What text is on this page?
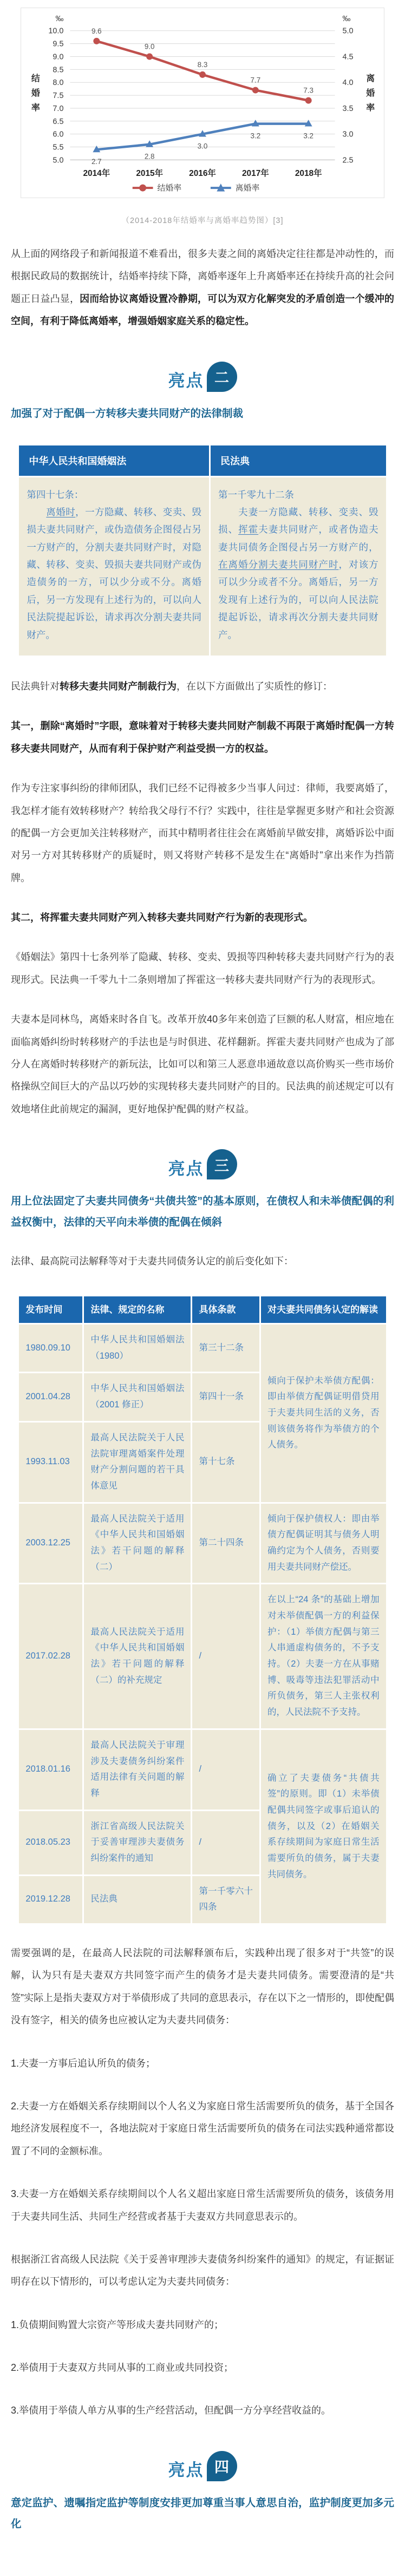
10.0
9.5
9.0
8.5
8.0
7.5
7.0
6.5
6.0
5.5
5.0
5.0
4.5
4.0
3.5
3.0
2.5
‰	‰
结
婚
率
离
婚
率
2014年	2015年	2016年	2017年	2018年
9.6
9.0
8.3
7.7
7.3
2.7
2.8
3.0
3.2	3.2
结婚率	离婚率
（2014-2018年结婚率与离婚率趋势图）[3]

从上面的网络段子和新闻报道不难看出，很多夫妻之间的离婚决定往往都是冲动性的，而根据民政局的数据统计，结婚率持续下降，离婚率逐年上升离婚率还在持续升高的社会问题正日益凸显，因而给协议离婚设置冷静期，可以为双方化解突发的矛盾创造一个缓冲的空间，有利于降低离婚率，增强婚姻家庭关系的稳定性。

亮点 二
加强了对于配偶一方转移夫妻共同财产的法律制裁
中华人民共和国婚姻法	民法典

第四十七条：
　　离婚时，一方隐藏、转移、变卖、毁损夫妻共同财产，或伪造债务企图侵占另一方财产的，分割夫妻共同财产时，对隐藏、转移、变卖、毁损夫妻共同财产或伪造债务的一方，可以少分或不分。离婚后，另一方发现有上述行为的，可以向人民法院提起诉讼，请求再次分割夫妻共同财产。

第一千零九十二条
　　夫妻一方隐藏、转移、变卖、毁损、挥霍夫妻共同财产，或者伪造夫妻共同债务企图侵占另一方财产的，在离婚分割夫妻共同财产时，对该方可以少分或者不分。离婚后，另一方发现有上述行为的，可以向人民法院提起诉讼，请求再次分割夫妻共同财产。

民法典针对转移夫妻共同财产制裁行为，在以下方面做出了实质性的修订：

其一，删除“离婚时”字眼，意味着对于转移夫妻共同财产制裁不再限于离婚时配偶一方转移夫妻共同财产，从而有利于保护财产利益受损一方的权益。

作为专注家事纠纷的律师团队，我们已经不记得被多少当事人问过：律师，我要离婚了，我怎样才能有效转移财产？转给我父母行不行？实践中，往往是掌握更多财产和社会资源的配偶一方会更加关注转移财产，而其中精明者往往会在离婚前早做安排，离婚诉讼中面对另一方对其转移财产的质疑时，则又将财产转移不是发生在“离婚时”拿出来作为挡箭牌。

其二，将挥霍夫妻共同财产列入转移夫妻共同财产行为新的表现形式。

《婚姻法》第四十七条列举了隐藏、转移、变卖、毁损等四种转移夫妻共同财产行为的表现形式。民法典一千零九十二条则增加了挥霍这一转移夫妻共同财产行为的表现形式。

夫妻本是同林鸟，离婚来时各自飞。改革开放40多年来创造了巨额的私人财富，相应地在面临离婚纠纷时转移财产的手法也是与时俱进、花样翻新。挥霍夫妻共同财产也成为了部分人在离婚时转移财产的新玩法，比如可以和第三人恶意串通故意以高价购买一些市场价格操纵空间巨大的产品以巧妙的实现转移夫妻共同财产的目的。民法典的前述规定可以有效地堵住此前规定的漏洞，更好地保护配偶的财产权益。

亮点 三
用上位法固定了夫妻共同债务“共债共签”的基本原则，在债权人和未举债配偶的利益权衡中，法律的天平向未举债的配偶在倾斜

法律、最高院司法解释等对于夫妻共同债务认定的前后变化如下：

发布时间	法律、规定的名称	具体条款	对夫妻共同债务认定的解读
1980.09.10	中华人民共和国婚姻法（1980）	第三十二条	倾向于保护未举债方配偶：即由举债方配偶证明借贷用于夫妻共同生活的义务，否则该债务将作为举债方的个人债务。
2001.04.28	中华人民共和国婚姻法（2001 修正）	第四十一条	
1993.11.03	最高人民法院关于人民法院审理离婚案件处理财产分割问题的若干具体意见	第十七条	
2003.12.25	最高人民法院关于适用《中华人民共和国婚姻法》若干问题的解释（二）	第二十四条	倾向于保护债权人：即由举债方配偶证明其与债务人明确约定为个人债务，否则要用夫妻共同财产偿还。
2017.02.28	最高人民法院关于适用《中华人民共和国婚姻法》若干问题的解释（二）的补充规定	/	在以上“24 条”的基础上增加对未举债配偶一方的利益保护：（1）举债方配偶与第三人串通虚构债务的，不予支持。（2）夫妻一方在从事赌博、吸毒等违法犯罪活动中所负债务，第三人主张权利的，人民法院不予支持。
2018.01.16	最高人民法院关于审理涉及夫妻债务纠纷案件适用法律有关问题的解释	/	确立了夫妻债务“共债共签”的原则。即（1）未举债配偶共同签字或事后追认的债务，以及（2）在婚姻关系存续期间为家庭日常生活需要所负的债务，属于夫妻共同债务。
2018.05.23	浙江省高级人民法院关于妥善审理涉夫妻债务纠纷案件的通知	/	
2019.12.28	民法典	第一千零六十四条	

需要强调的是，在最高人民法院的司法解释颁布后，实践种出现了很多对于“共签”的误解，认为只有是夫妻双方共同签字而产生的债务才是夫妻共同债务。需要澄清的是“共签”实际上是指夫妻双方对于举债形成了共同的意思表示，存在以下之一情形的，即使配偶没有签字，相关的债务也应被认定为夫妻共同债务：

1.夫妻一方事后追认所负的债务；

2.夫妻一方在婚姻关系存续期间以个人名义为家庭日常生活需要所负的债务，基于全国各地经济发展程度不一，各地法院对于家庭日常生活需要所负的债务在司法实践种通常都设置了不同的金额标准。

3.夫妻一方在婚姻关系存续期间以个人名义超出家庭日常生活需要所负的债务，该债务用于夫妻共同生活、共同生产经营或者基于夫妻双方共同意思表示的。

根据浙江省高级人民法院《关于妥善审理涉夫妻债务纠纷案件的通知》的规定，有证据证明存在以下情形的，可以考虑认定为夫妻共同债务：

1.负债期间购置大宗资产等形成夫妻共同财产的；

2.举债用于夫妻双方共同从事的工商业或共同投资；

3.举债用于举债人单方从事的生产经营活动，但配偶一方分享经营收益的。

亮点 四
意定监护、遗嘱指定监护等制度安排更加尊重当事人意思自治，监护制度更加多元化
